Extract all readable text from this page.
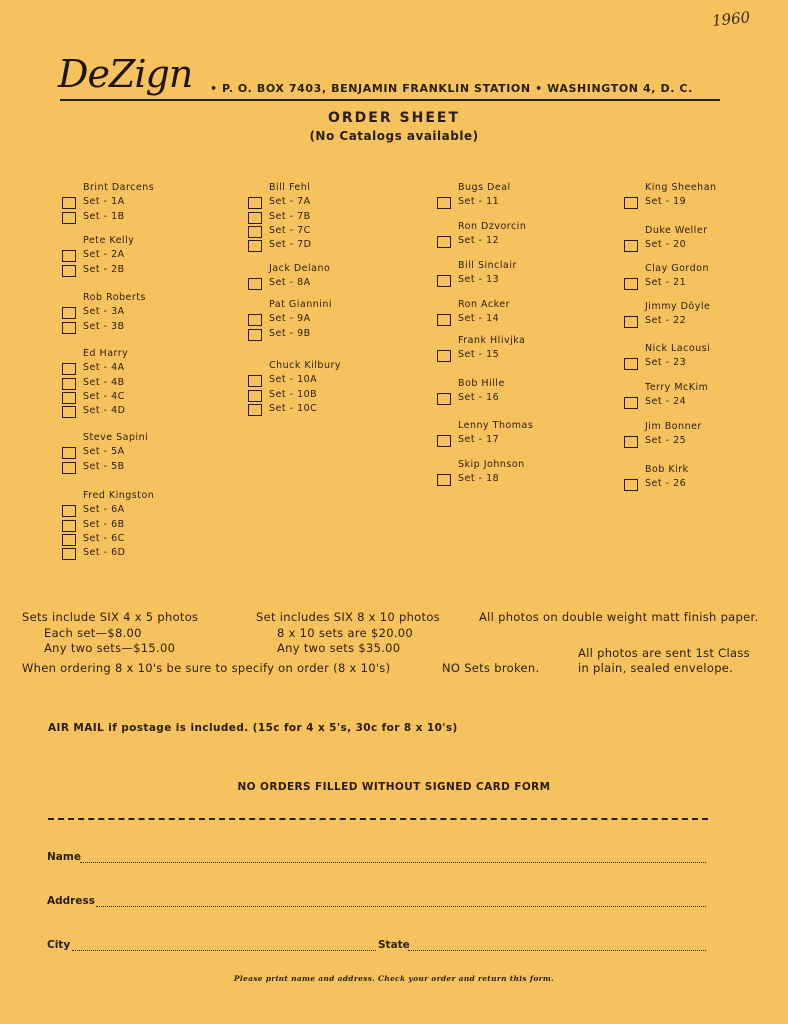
1960
DeZign • P. O. BOX 7403, BENJAMIN FRANKLIN STATION • WASHINGTON 4, D. C.
ORDER SHEET
(No Catalogs available)
Brint Darcens
Set - 1A
Set - 1B
Pete Kelly
Set - 2A
Set - 2B
Rob Roberts
Set - 3A
Set - 3B
Ed Harry
Set - 4A
Set - 4B
Set - 4C
Set - 4D
Steve Sapini
Set - 5A
Set - 5B
Fred Kingston
Set - 6A
Set - 6B
Set - 6C
Set - 6D
Bill Fehl
Set - 7A
Set - 7B
Set - 7C
Set - 7D
Jack Delano
Set - 8A
Pat Giannini
Set - 9A
Set - 9B
Chuck Kilbury
Set - 10A
Set - 10B
Set - 10C
Bugs Deal
Set - 11
Ron Dzvorcin
Set - 12
Bill Sinclair
Set - 13
Ron Acker
Set - 14
Frank Hlivjka
Set - 15
Bob Hille
Set - 16
Lenny Thomas
Set - 17
Skip Johnson
Set - 18
King Sheehan
Set - 19
Duke Weller
Set - 20
Clay Gordon
Set - 21
Jimmy Döyle
Set - 22
Nick Lacousi
Set - 23
Terry McKim
Set - 24
Jim Bonner
Set - 25
Bob Kirk
Set - 26
Sets include SIX 4 x 5 photos
Each set—$8.00
Any two sets—$15.00
Set includes SIX 8 x 10 photos
8 x 10 sets are $20.00
Any two sets $35.00
All photos on double weight matt finish paper.
When ordering 8 x 10's be sure to specify on order (8 x 10's)	NO Sets broken.
All photos are sent 1st Class
in plain, sealed envelope.
AIR MAIL if postage is included. (15c for 4 x 5's, 30c for 8 x 10's)
NO ORDERS FILLED WITHOUT SIGNED CARD FORM
Name
Address
City	State
Please print name and address. Check your order and return this form.
